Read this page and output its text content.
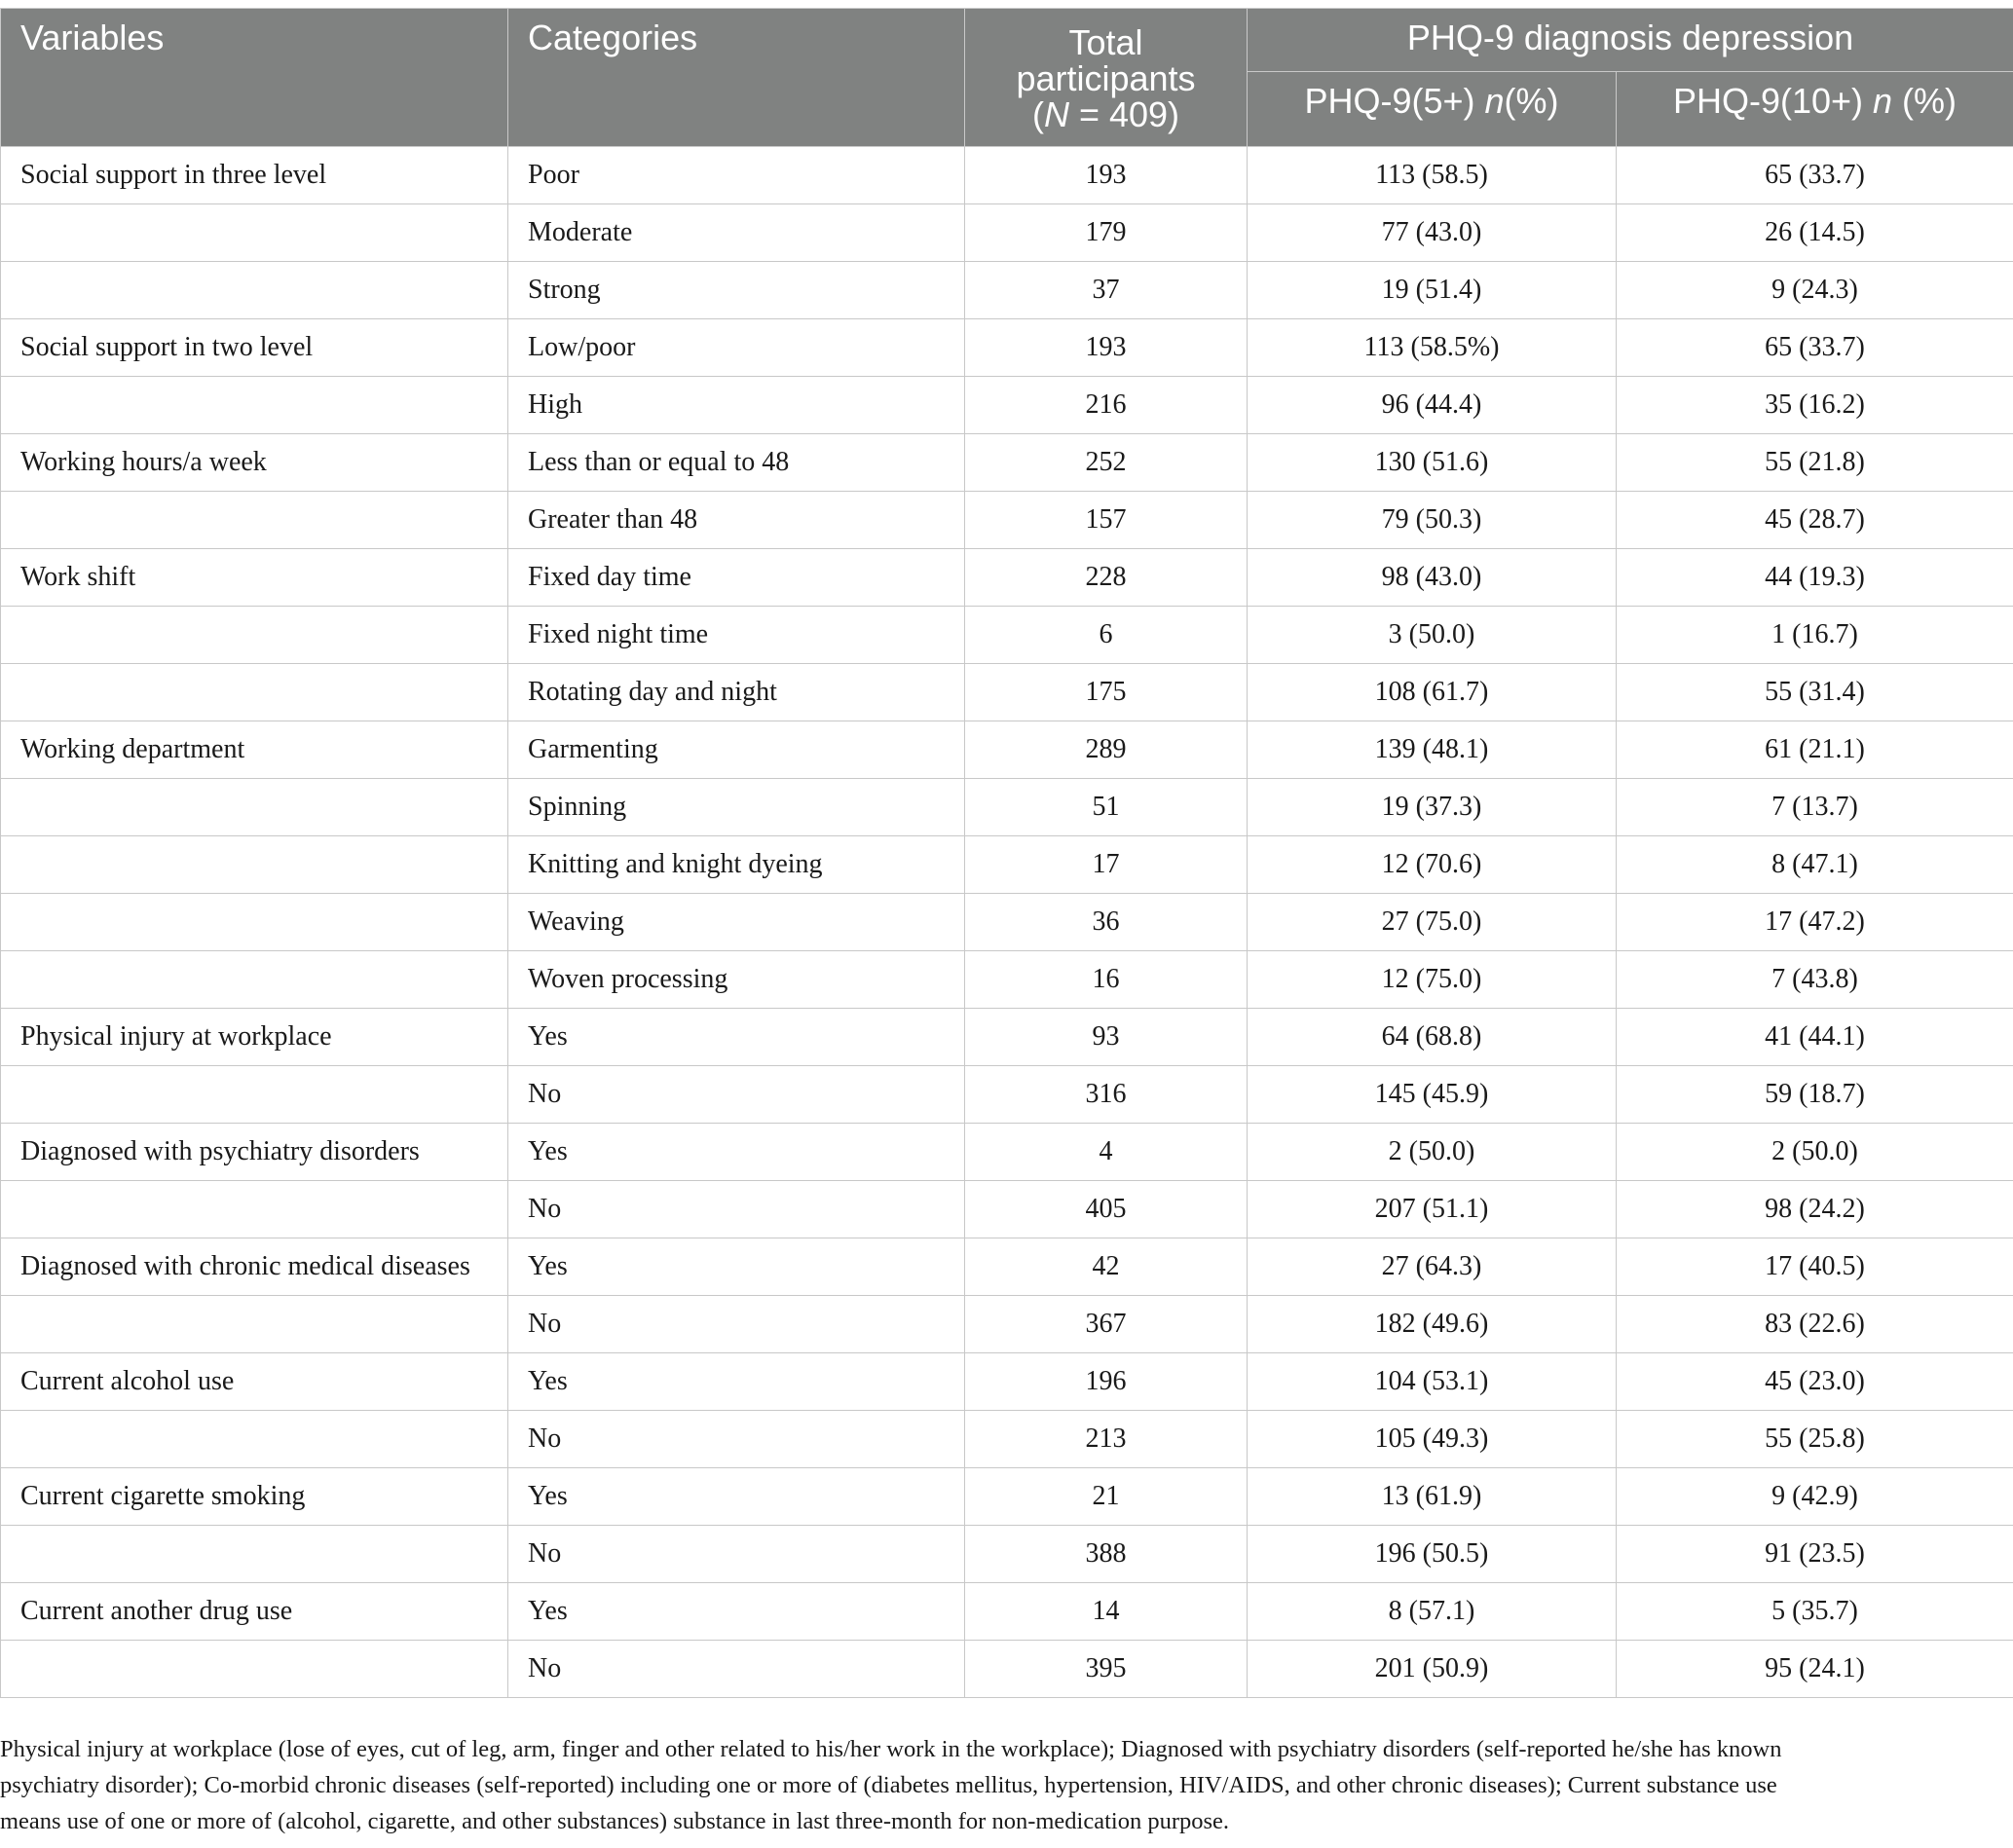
Variables	Categories	Total
participants
(N = 409)	PHQ-9 diagnosis depression	
			PHQ-9(5+) n(%)	PHQ-9(10+) n (%)
Social support in three level	Poor	193	113 (58.5)	65 (33.7)
	Moderate	179	77 (43.0)	26 (14.5)
	Strong	37	19 (51.4)	9 (24.3)
Social support in two level	Low/poor	193	113 (58.5%)	65 (33.7)
	High	216	96 (44.4)	35 (16.2)
Working hours/a week	Less than or equal to 48	252	130 (51.6)	55 (21.8)
	Greater than 48	157	79 (50.3)	45 (28.7)
Work shift	Fixed day time	228	98 (43.0)	44 (19.3)
	Fixed night time	6	3 (50.0)	1 (16.7)
	Rotating day and night	175	108 (61.7)	55 (31.4)
Working department	Garmenting	289	139 (48.1)	61 (21.1)
	Spinning	51	19 (37.3)	7 (13.7)
	Knitting and knight dyeing	17	12 (70.6)	8 (47.1)
	Weaving	36	27 (75.0)	17 (47.2)
	Woven processing	16	12 (75.0)	7 (43.8)
Physical injury at workplace	Yes	93	64 (68.8)	41 (44.1)
	No	316	145 (45.9)	59 (18.7)
Diagnosed with psychiatry disorders	Yes	4	2 (50.0)	2 (50.0)
	No	405	207 (51.1)	98 (24.2)
Diagnosed with chronic medical diseases	Yes	42	27 (64.3)	17 (40.5)
	No	367	182 (49.6)	83 (22.6)
Current alcohol use	Yes	196	104 (53.1)	45 (23.0)
	No	213	105 (49.3)	55 (25.8)
Current cigarette smoking	Yes	21	13 (61.9)	9 (42.9)
	No	388	196 (50.5)	91 (23.5)
Current another drug use	Yes	14	8 (57.1)	5 (35.7)
	No	395	201 (50.9)	95 (24.1)

Physical injury at workplace (lose of eyes, cut of leg, arm, finger and other related to his/her work in the workplace); Diagnosed with psychiatry disorders (self-reported he/she has known

psychiatry disorder); Co-morbid chronic diseases (self-reported) including one or more of (diabetes mellitus, hypertension, HIV/AIDS, and other chronic diseases); Current substance use

means use of one or more of (alcohol, cigarette, and other substances) substance in last three-month for non-medication purpose.
